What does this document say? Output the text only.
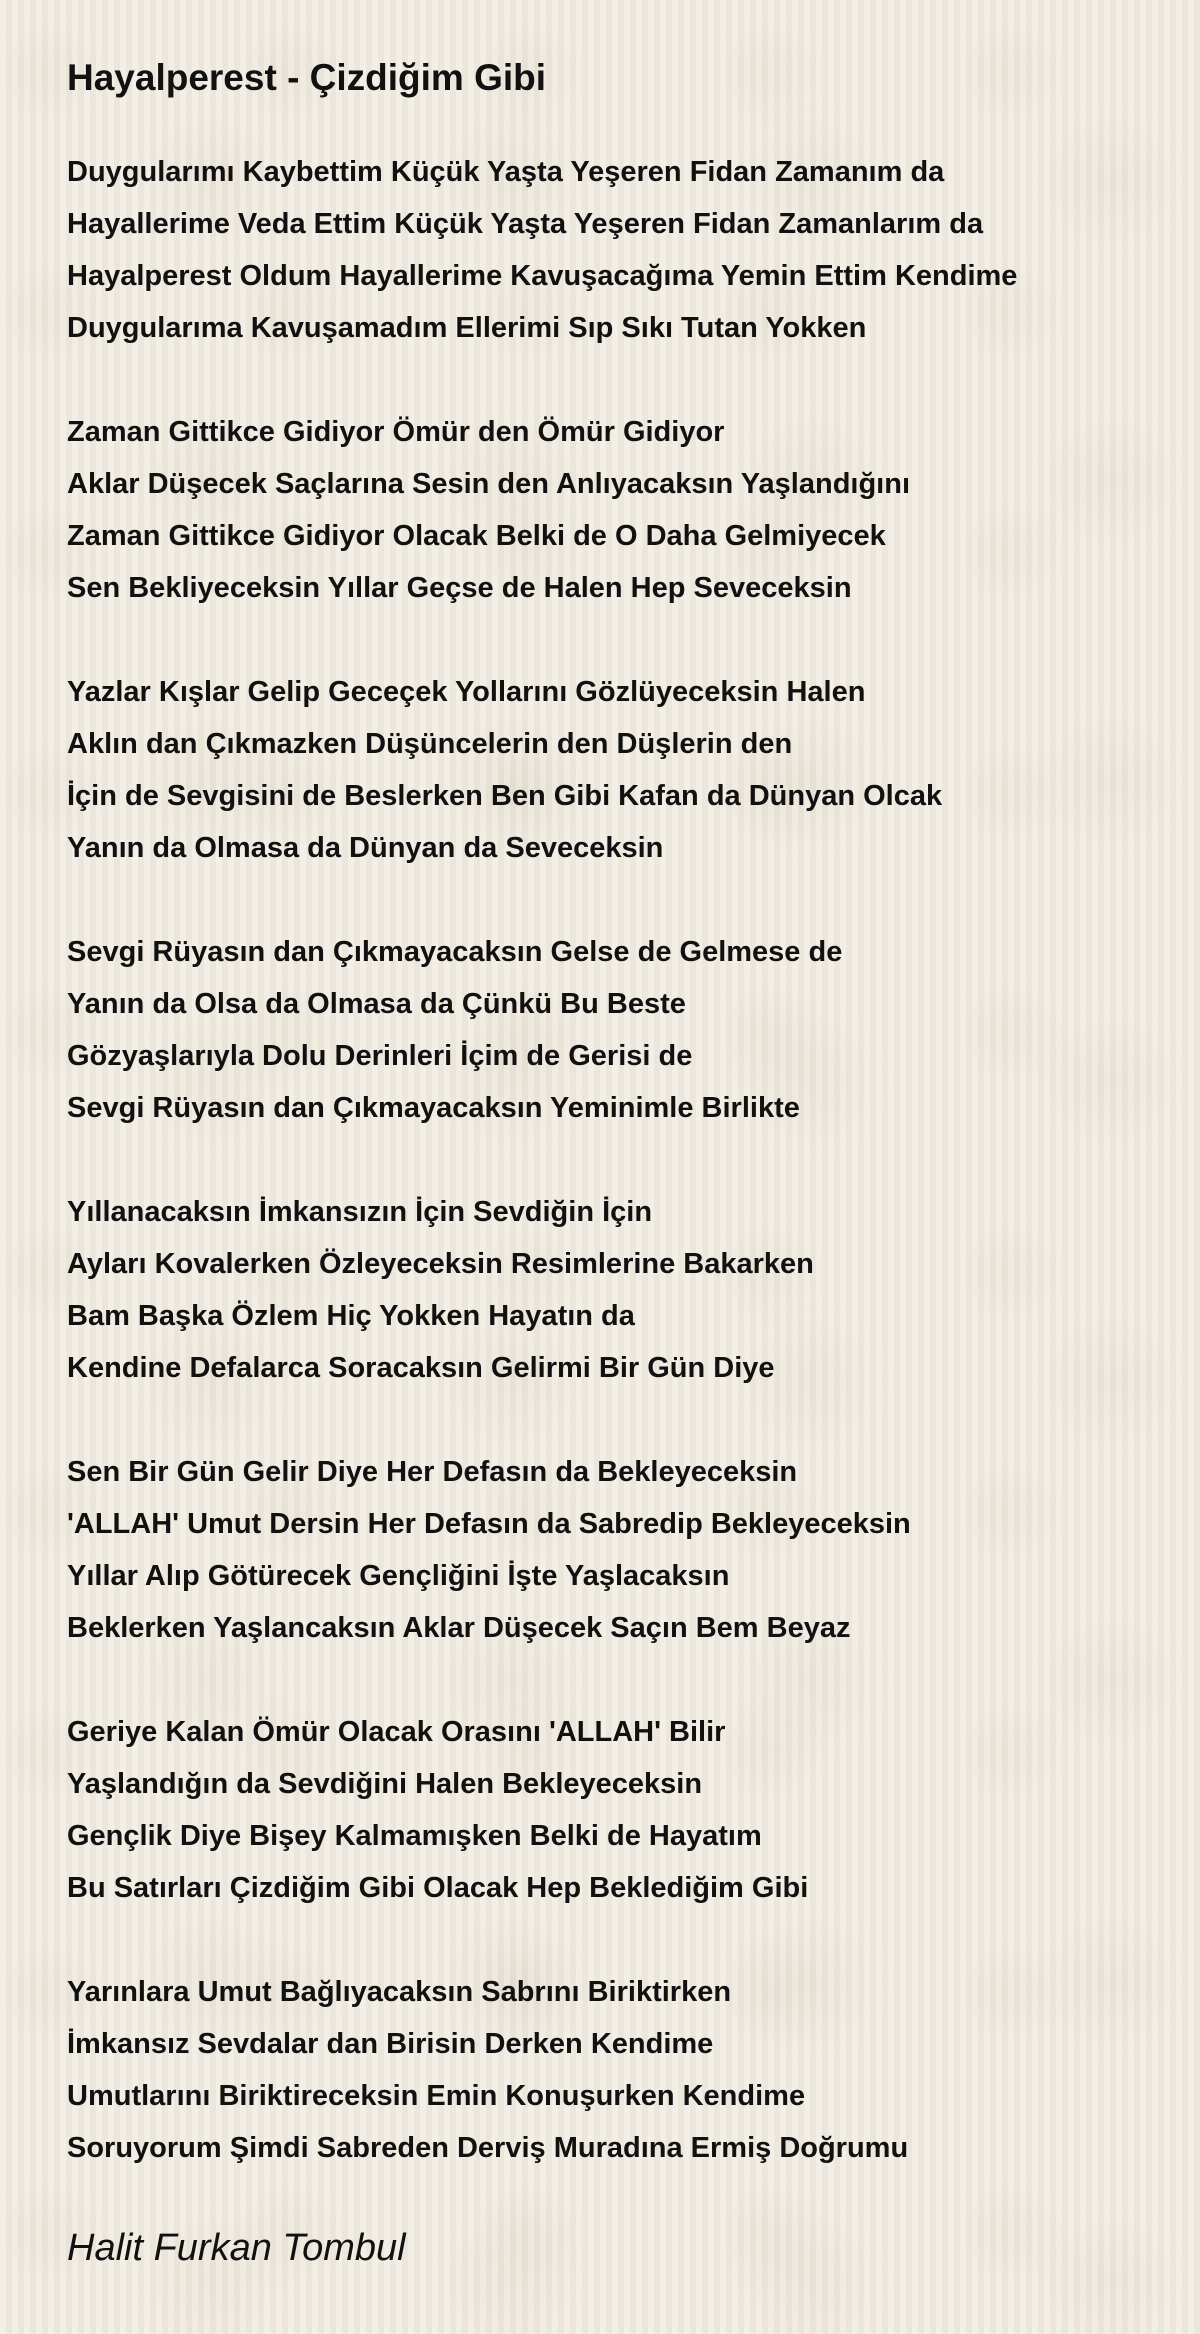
Hayalperest - Çizdiğim Gibi
Duygularımı Kaybettim Küçük Yaşta Yeşeren Fidan Zamanım da
Hayallerime Veda Ettim Küçük Yaşta Yeşeren Fidan Zamanlarım da
Hayalperest Oldum Hayallerime Kavuşacağıma Yemin Ettim Kendime
Duygularıma Kavuşamadım Ellerimi Sıp Sıkı Tutan Yokken
Zaman Gittikce Gidiyor Ömür den Ömür Gidiyor
Aklar Düşecek Saçlarına Sesin den Anlıyacaksın Yaşlandığını
Zaman Gittikce Gidiyor Olacak Belki de O Daha Gelmiyecek
Sen Bekliyeceksin Yıllar Geçse de Halen Hep Seveceksin
Yazlar Kışlar Gelip Geceçek Yollarını Gözlüyeceksin Halen
Aklın dan Çıkmazken Düşüncelerin den Düşlerin den
İçin de Sevgisini de Beslerken Ben Gibi Kafan da Dünyan Olcak
Yanın da Olmasa da Dünyan da Seveceksin
Sevgi Rüyasın dan Çıkmayacaksın Gelse de Gelmese de
Yanın da Olsa da Olmasa da Çünkü Bu Beste
Gözyaşlarıyla Dolu Derinleri İçim de Gerisi de
Sevgi Rüyasın dan Çıkmayacaksın Yeminimle Birlikte
Yıllanacaksın İmkansızın İçin Sevdiğin İçin
Ayları Kovalerken Özleyeceksin Resimlerine Bakarken
Bam Başka Özlem Hiç Yokken Hayatın da
Kendine Defalarca Soracaksın Gelirmi Bir Gün Diye
Sen Bir Gün Gelir Diye Her Defasın da Bekleyeceksin
'ALLAH' Umut Dersin Her Defasın da Sabredip Bekleyeceksin
Yıllar Alıp Götürecek Gençliğini İşte Yaşlacaksın
Beklerken Yaşlancaksın Aklar Düşecek Saçın Bem Beyaz
Geriye Kalan Ömür Olacak Orasını 'ALLAH' Bilir
Yaşlandığın da Sevdiğini Halen Bekleyeceksin
Gençlik Diye Bişey Kalmamışken Belki de Hayatım
Bu Satırları Çizdiğim Gibi Olacak Hep Beklediğim Gibi
Yarınlara Umut Bağlıyacaksın Sabrını Biriktirken
İmkansız Sevdalar dan Birisin Derken Kendime
Umutlarını Biriktireceksin Emin Konuşurken Kendime
Soruyorum Şimdi Sabreden Derviş Muradına Ermiş Doğrumu
Halit Furkan Tombul
